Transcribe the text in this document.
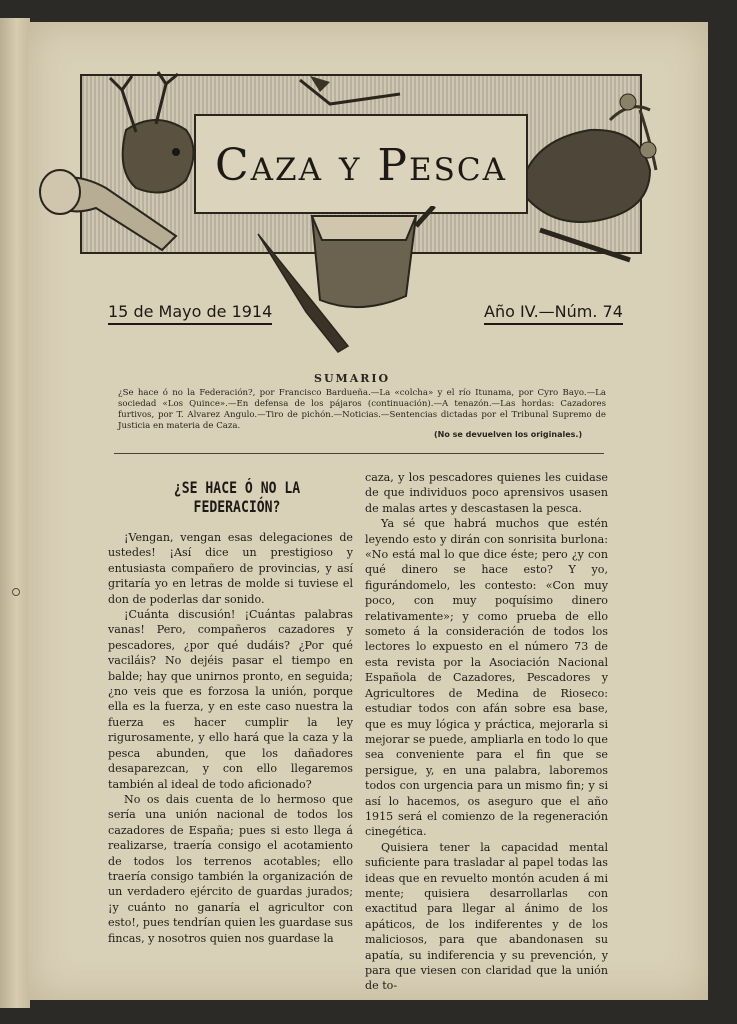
Caza y Pesca
15 de Mayo de 1914	Año IV.—Núm. 74
SUMARIO
¿Se hace ó no la Federación?, por Francisco Bardueña.—La «colcha» y el río Itunama, por Cyro Bayo.—La sociedad «Los Quince».—En defensa de los pájaros (continuación).—A tenazón.—Las hordas: Cazadores furtivos, por T. Alvarez Angulo.—Tiro de pichón.—Noticias.—Sentencias dictadas por el Tribunal Supremo de Justicia en materia de Caza.
(No se devuelven los originales.)
¿SE HACE Ó NO LA FEDERACIÓN?

¡Vengan, vengan esas delegaciones de ustedes! ¡Así dice un prestigioso y entusiasta compañero de provincias, y así gritaría yo en letras de molde si tuviese el don de poderlas dar sonido.

¡Cuánta discusión! ¡Cuántas palabras vanas! Pero, compañeros cazadores y pescadores, ¿por qué dudáis? ¿Por qué vaciláis? No dejéis pasar el tiempo en balde; hay que unirnos pronto, en seguida; ¿no veis que es forzosa la unión, porque ella es la fuerza, y en este caso nuestra la fuerza es hacer cumplir la ley rigurosamente, y ello hará que la caza y la pesca abunden, que los dañadores desaparezcan, y con ello llegaremos también al ideal de todo aficionado?

No os dais cuenta de lo hermoso que sería una unión nacional de todos los cazadores de España; pues si esto llega á realizarse, traería consigo el acotamiento de todos los terrenos acotables; ello traería consigo también la organización de un verdadero ejército de guardas jurados; ¡y cuánto no ganaría el agricultor con esto!, pues tendrían quien les guardase sus fincas, y nosotros quien nos guardase la

caza, y los pescadores quienes les cuidase de que individuos poco aprensivos usasen de malas artes y descastasen la pesca.

Ya sé que habrá muchos que estén leyendo esto y dirán con sonrisita burlona: «No está mal lo que dice éste; pero ¿y con qué dinero se hace esto? Y yo, figurándomelo, les contesto: «Con muy poco, con muy poquísimo dinero relativamente»; y como prueba de ello someto á la consideración de todos los lectores lo expuesto en el número 73 de esta revista por la Asociación Nacional Española de Cazadores, Pescadores y Agricultores de Medina de Rioseco: estudiar todos con afán sobre esa base, que es muy lógica y práctica, mejorarla si mejorar se puede, ampliarla en todo lo que sea conveniente para el fin que se persigue, y, en una palabra, laboremos todos con urgencia para un mismo fin; y si así lo hacemos, os aseguro que el año 1915 será el comienzo de la regeneración cinegética.

Quisiera tener la capacidad mental suficiente para trasladar al papel todas las ideas que en revuelto montón acuden á mi mente; quisiera desarrollarlas con exactitud para llegar al ánimo de los apáticos, de los indiferentes y de los maliciosos, para que abandonasen su apatía, su indiferencia y su prevención, y para que viesen con claridad que la unión de to-
